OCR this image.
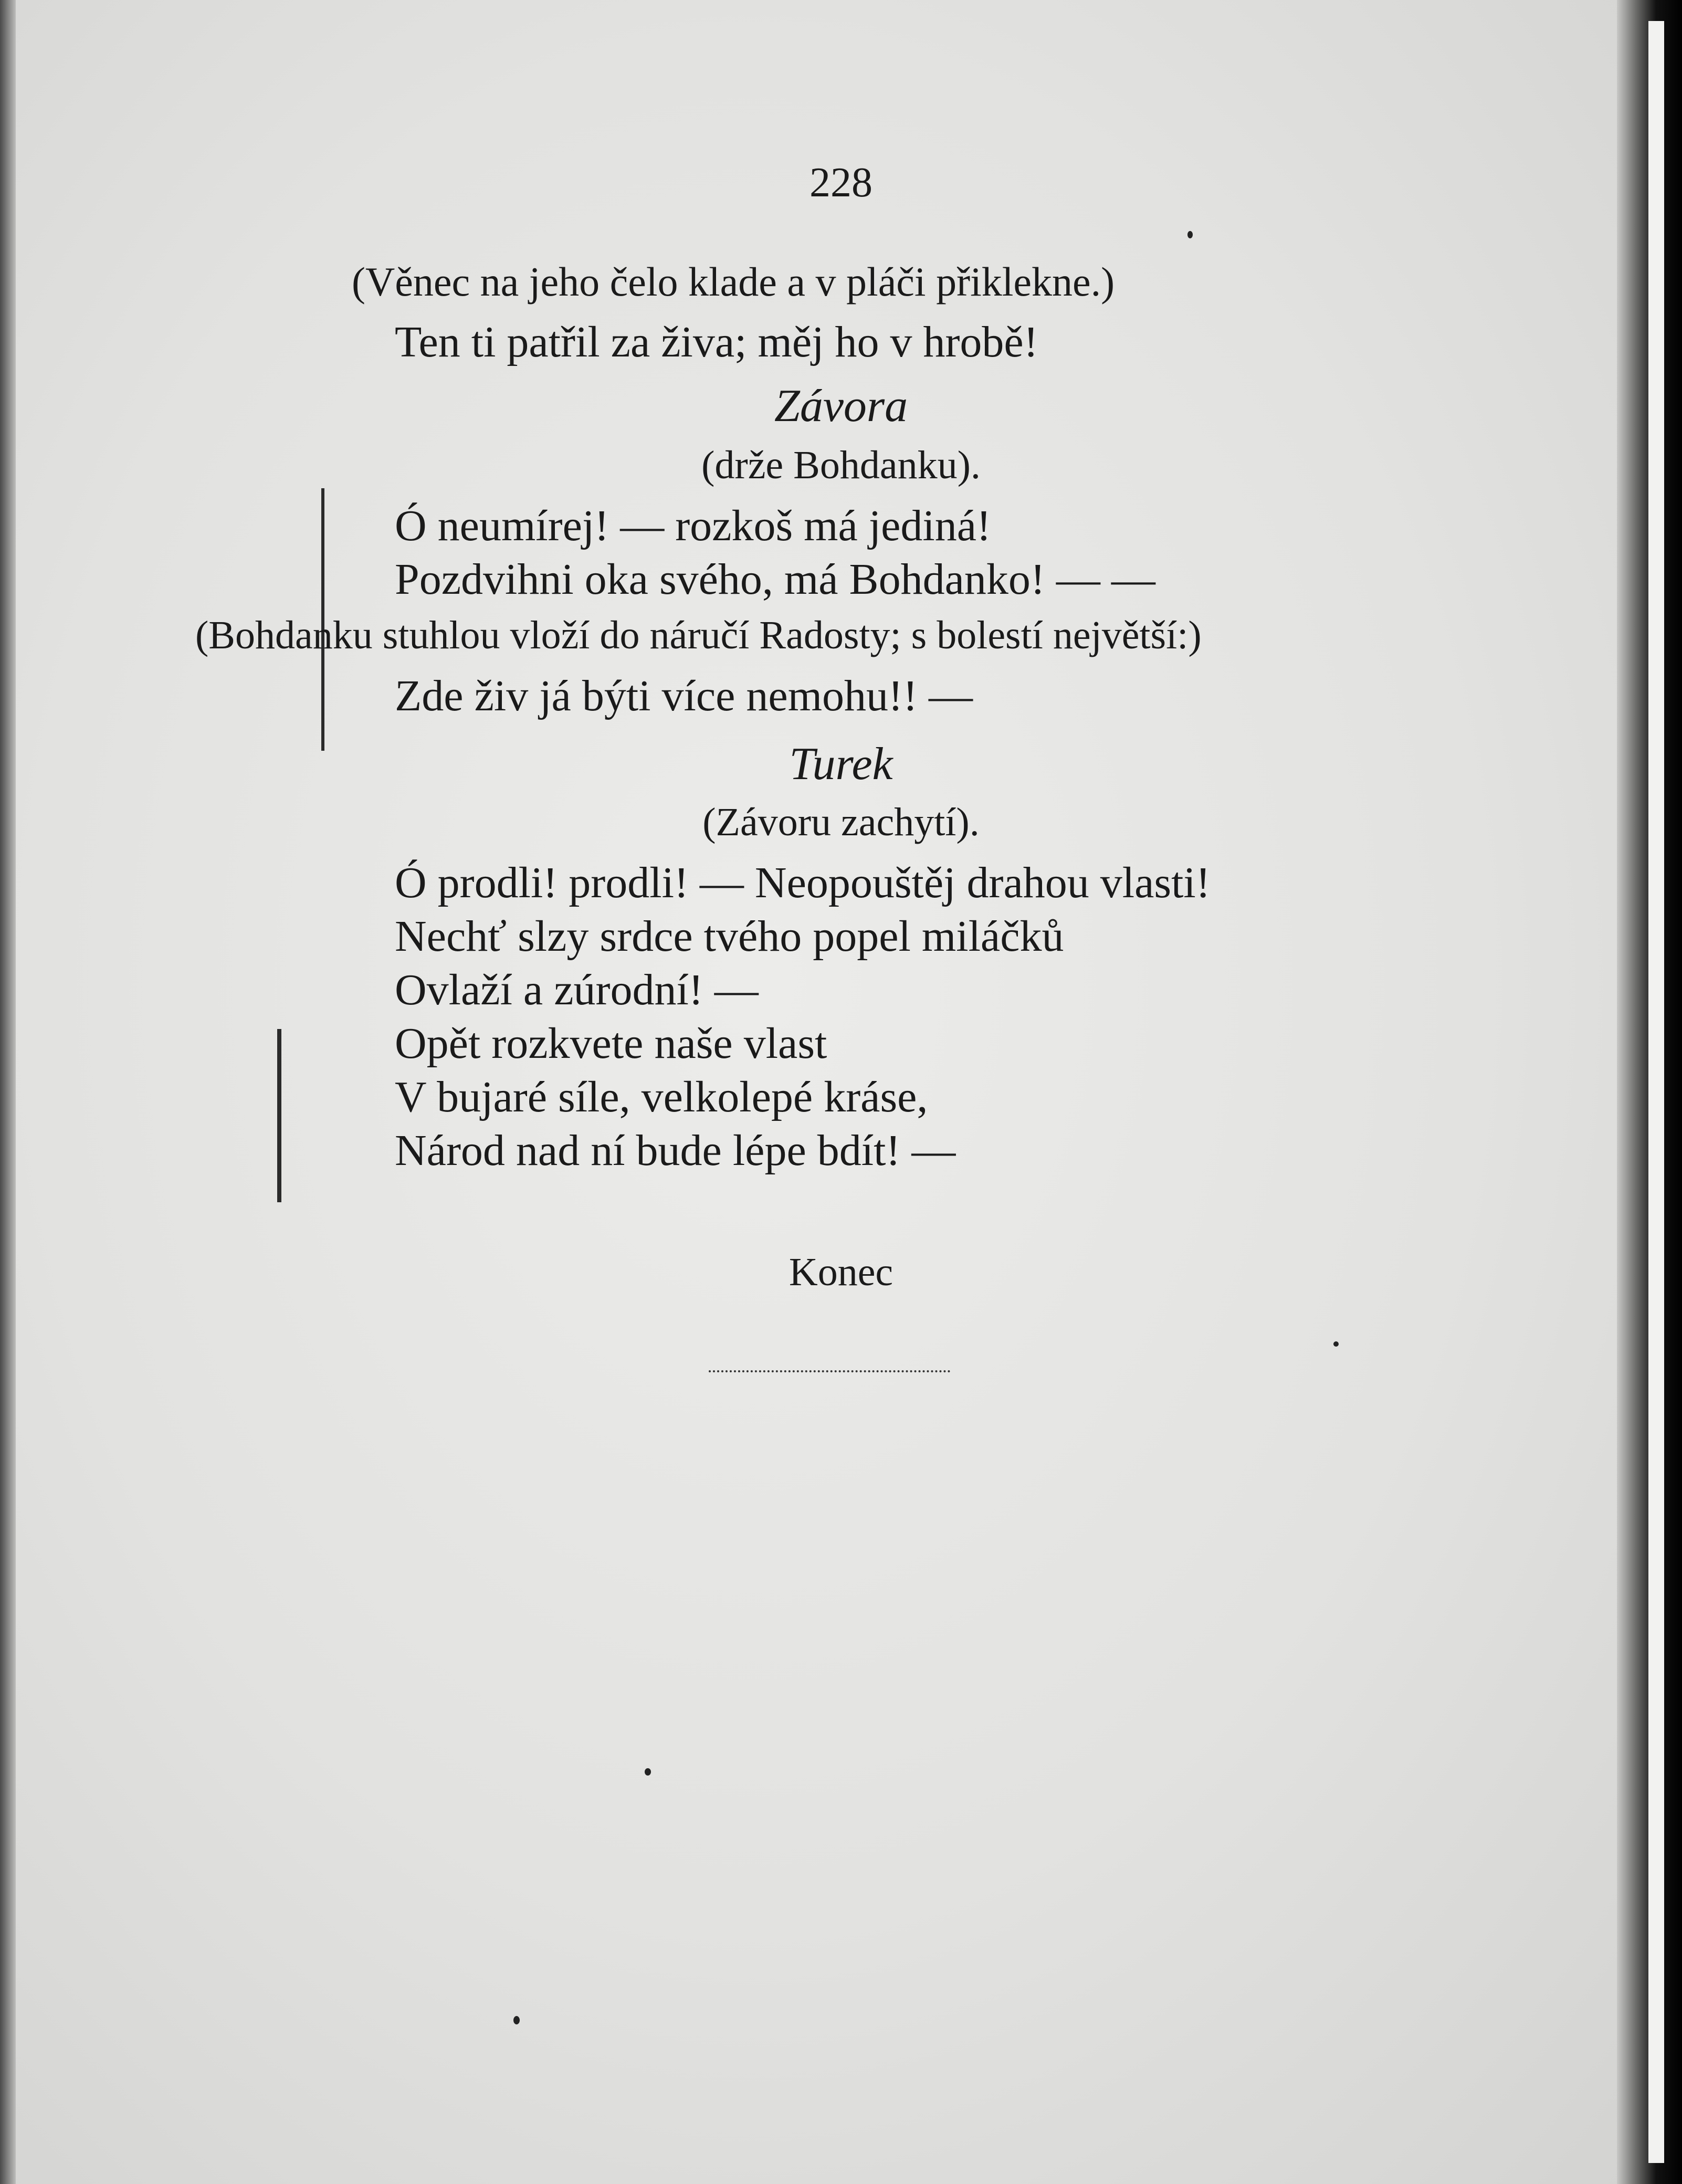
228
(Věnec na jeho čelo klade a v pláči přiklekne.)
Ten ti patřil za živa; měj ho v hrobě!
Závora
(drže Bohdanku).
Ó neumírej! — rozkoš má jediná!
Pozdvihni oka svého, má Bohdanko! — —
(Bohdanku stuhlou vloží do náručí Radosty; s bolestí největší:)
Zde živ já býti více nemohu!! —
Turek
(Závoru zachytí).
Ó prodli! prodli! — Neopouštěj drahou vlasti!
Nechť slzy srdce tvého popel miláčků
Ovlaží a zúrodní! —
Opět rozkvete naše vlast
V bujaré síle, velkolepé kráse,
Národ nad ní bude lépe bdít! —
Konec
